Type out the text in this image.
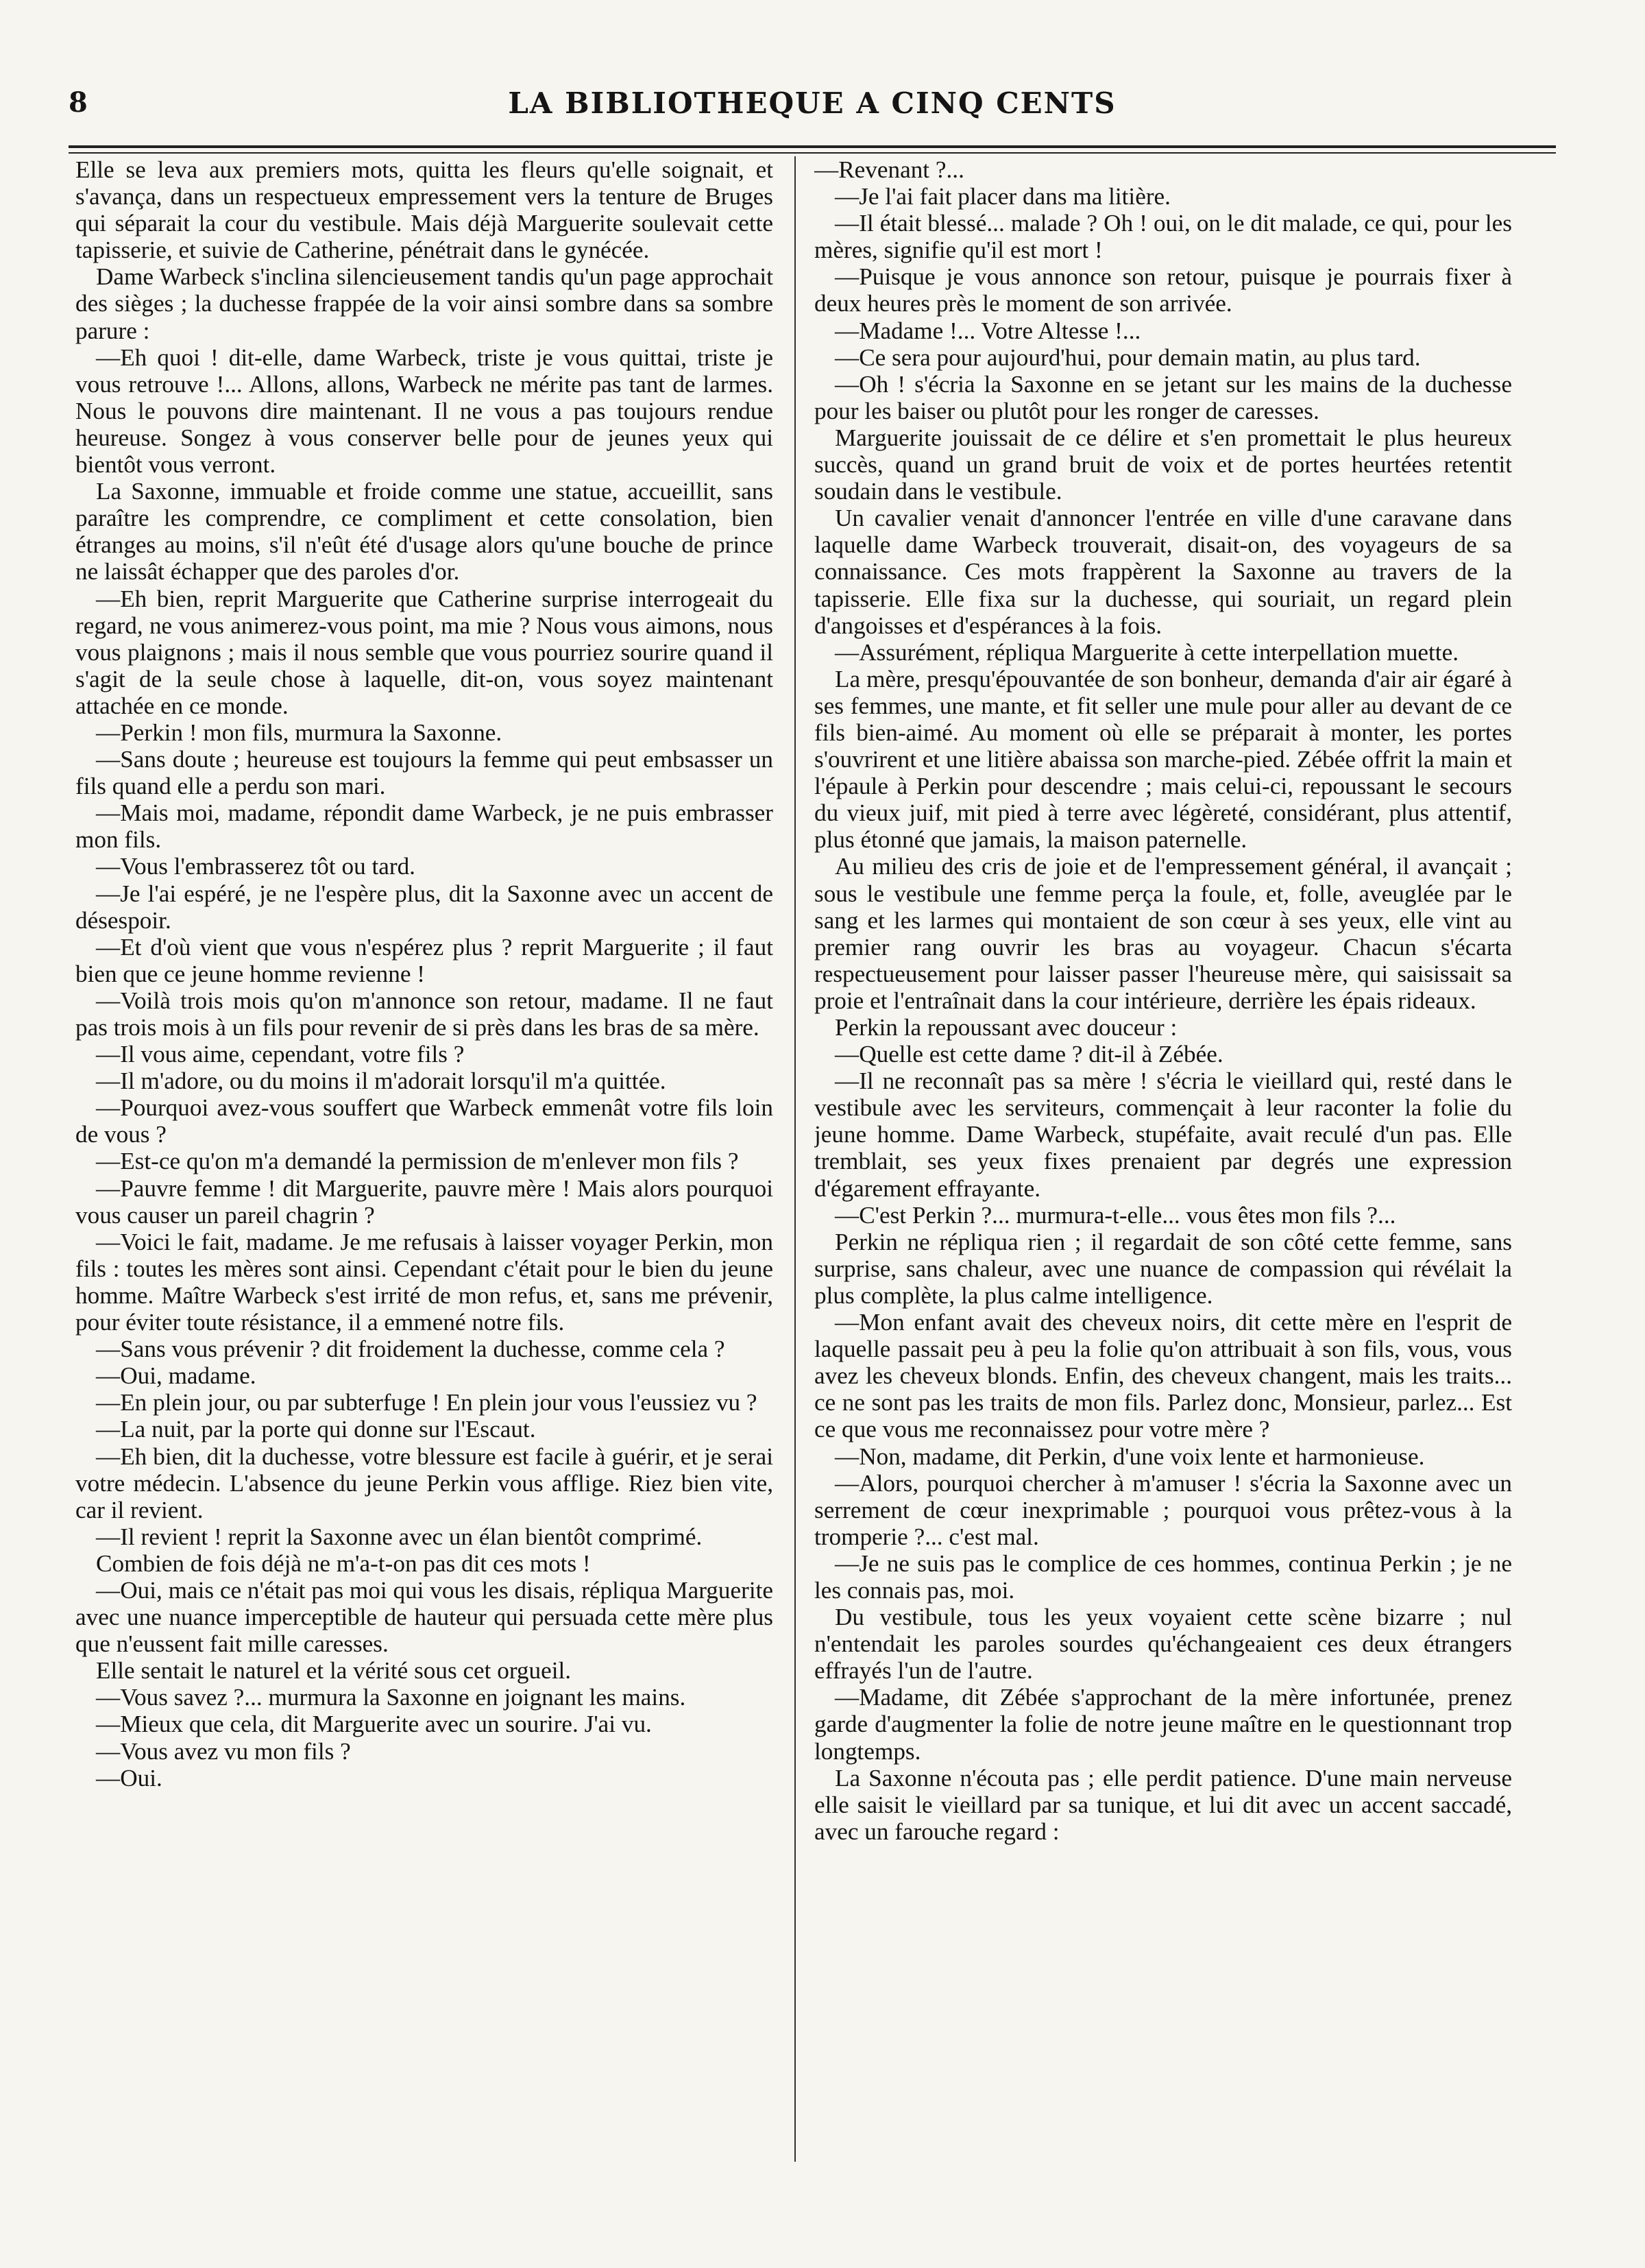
8	LA BIBLIOTHEQUE A CINQ CENTS

Elle se leva aux premiers mots, quitta les fleurs qu'elle soignait, et s'avança, dans un respectueux empressement vers la tenture de Bruges qui séparait la cour du vestibule. Mais déjà Marguerite soulevait cette tapisserie, et suivie de Catherine, pénétrait dans le gynécée.

Dame Warbeck s'inclina silencieusement tandis qu'un page approchait des sièges ; la duchesse frappée de la voir ainsi sombre dans sa sombre parure :

—Eh quoi ! dit-elle, dame Warbeck, triste je vous quittai, triste je vous retrouve !... Allons, allons, Warbeck ne mérite pas tant de larmes. Nous le pouvons dire maintenant. Il ne vous a pas toujours rendue heureuse. Songez à vous conserver belle pour de jeunes yeux qui bientôt vous verront.

La Saxonne, immuable et froide comme une statue, accueillit, sans paraître les comprendre, ce compliment et cette consolation, bien étranges au moins, s'il n'eût été d'usage alors qu'une bouche de prince ne laissât échapper que des paroles d'or.

—Eh bien, reprit Marguerite que Catherine surprise interrogeait du regard, ne vous animerez-vous point, ma mie ? Nous vous aimons, nous vous plaignons ; mais il nous semble que vous pourriez sourire quand il s'agit de la seule chose à laquelle, dit-on, vous soyez maintenant attachée en ce monde.

—Perkin ! mon fils, murmura la Saxonne.

—Sans doute ; heureuse est toujours la femme qui peut embsasser un fils quand elle a perdu son mari.

—Mais moi, madame, répondit dame Warbeck, je ne puis embrasser mon fils.

—Vous l'embrasserez tôt ou tard.

—Je l'ai espéré, je ne l'espère plus, dit la Saxonne avec un accent de désespoir.

—Et d'où vient que vous n'espérez plus ? reprit Marguerite ; il faut bien que ce jeune homme revienne !

—Voilà trois mois qu'on m'annonce son retour, madame. Il ne faut pas trois mois à un fils pour revenir de si près dans les bras de sa mère.

—Il vous aime, cependant, votre fils ?

—Il m'adore, ou du moins il m'adorait lorsqu'il m'a quittée.

—Pourquoi avez-vous souffert que Warbeck emmenât votre fils loin de vous ?

—Est-ce qu'on m'a demandé la permission de m'enlever mon fils ?

—Pauvre femme ! dit Marguerite, pauvre mère ! Mais alors pourquoi vous causer un pareil chagrin ?

—Voici le fait, madame. Je me refusais à laisser voyager Perkin, mon fils : toutes les mères sont ainsi. Cependant c'était pour le bien du jeune homme. Maître Warbeck s'est irrité de mon refus, et, sans me prévenir, pour éviter toute résistance, il a emmené notre fils.

—Sans vous prévenir ? dit froidement la duchesse, comme cela ?

—Oui, madame.

—En plein jour, ou par subterfuge ! En plein jour vous l'eussiez vu ?

—La nuit, par la porte qui donne sur l'Escaut.

—Eh bien, dit la duchesse, votre blessure est facile à guérir, et je serai votre médecin. L'absence du jeune Perkin vous afflige. Riez bien vite, car il revient.

—Il revient ! reprit la Saxonne avec un élan bientôt comprimé.

Combien de fois déjà ne m'a-t-on pas dit ces mots !

—Oui, mais ce n'était pas moi qui vous les disais, répliqua Marguerite avec une nuance imperceptible de hauteur qui persuada cette mère plus que n'eussent fait mille caresses.

Elle sentait le naturel et la vérité sous cet orgueil.

—Vous savez ?... murmura la Saxonne en joignant les mains.

—Mieux que cela, dit Marguerite avec un sourire. J'ai vu.

—Vous avez vu mon fils ?

—Oui.

—Revenant ?...

—Je l'ai fait placer dans ma litière.

—Il était blessé... malade ? Oh ! oui, on le dit malade, ce qui, pour les mères, signifie qu'il est mort !

—Puisque je vous annonce son retour, puisque je pourrais fixer à deux heures près le moment de son arrivée.

—Madame !... Votre Altesse !...

—Ce sera pour aujourd'hui, pour demain matin, au plus tard.

—Oh ! s'écria la Saxonne en se jetant sur les mains de la duchesse pour les baiser ou plutôt pour les ronger de caresses.

Marguerite jouissait de ce délire et s'en promettait le plus heureux succès, quand un grand bruit de voix et de portes heurtées retentit soudain dans le vestibule.

Un cavalier venait d'annoncer l'entrée en ville d'une caravane dans laquelle dame Warbeck trouverait, disait-on, des voyageurs de sa connaissance. Ces mots frappèrent la Saxonne au travers de la tapisserie. Elle fixa sur la duchesse, qui souriait, un regard plein d'angoisses et d'espérances à la fois.

—Assurément, répliqua Marguerite à cette interpellation muette.

La mère, presqu'épouvantée de son bonheur, demanda d'air air égaré à ses femmes, une mante, et fit seller une mule pour aller au devant de ce fils bien-aimé. Au moment où elle se préparait à monter, les portes s'ouvrirent et une litière abaissa son marche-pied. Zébée offrit la main et l'épaule à Perkin pour descendre ; mais celui-ci, repoussant le secours du vieux juif, mit pied à terre avec légèreté, considérant, plus attentif, plus étonné que jamais, la maison paternelle.

Au milieu des cris de joie et de l'empressement général, il avançait ; sous le vestibule une femme perça la foule, et, folle, aveuglée par le sang et les larmes qui montaient de son cœur à ses yeux, elle vint au premier rang ouvrir les bras au voyageur. Chacun s'écarta respectueusement pour laisser passer l'heureuse mère, qui saisissait sa proie et l'entraînait dans la cour intérieure, derrière les épais rideaux.

Perkin la repoussant avec douceur :

—Quelle est cette dame ? dit-il à Zébée.

—Il ne reconnaît pas sa mère ! s'écria le vieillard qui, resté dans le vestibule avec les serviteurs, commençait à leur raconter la folie du jeune homme. Dame Warbeck, stupéfaite, avait reculé d'un pas. Elle tremblait, ses yeux fixes prenaient par degrés une expression d'égarement effrayante.

—C'est Perkin ?... murmura-t-elle... vous êtes mon fils ?...

Perkin ne répliqua rien ; il regardait de son côté cette femme, sans surprise, sans chaleur, avec une nuance de compassion qui révélait la plus complète, la plus calme intelligence.

—Mon enfant avait des cheveux noirs, dit cette mère en l'esprit de laquelle passait peu à peu la folie qu'on attribuait à son fils, vous, vous avez les cheveux blonds. Enfin, des cheveux changent, mais les traits... ce ne sont pas les traits de mon fils. Parlez donc, Monsieur, parlez... Est ce que vous me reconnaissez pour votre mère ?

—Non, madame, dit Perkin, d'une voix lente et harmonieuse.

—Alors, pourquoi chercher à m'amuser ! s'écria la Saxonne avec un serrement de cœur inexprimable ; pourquoi vous prêtez-vous à la tromperie ?... c'est mal.

—Je ne suis pas le complice de ces hommes, continua Perkin ; je ne les connais pas, moi.

Du vestibule, tous les yeux voyaient cette scène bizarre ; nul n'entendait les paroles sourdes qu'échangeaient ces deux étrangers effrayés l'un de l'autre.

—Madame, dit Zébée s'approchant de la mère infortunée, prenez garde d'augmenter la folie de notre jeune maître en le questionnant trop longtemps.

La Saxonne n'écouta pas ; elle perdit patience. D'une main nerveuse elle saisit le vieillard par sa tunique, et lui dit avec un accent saccadé, avec un farouche regard :
